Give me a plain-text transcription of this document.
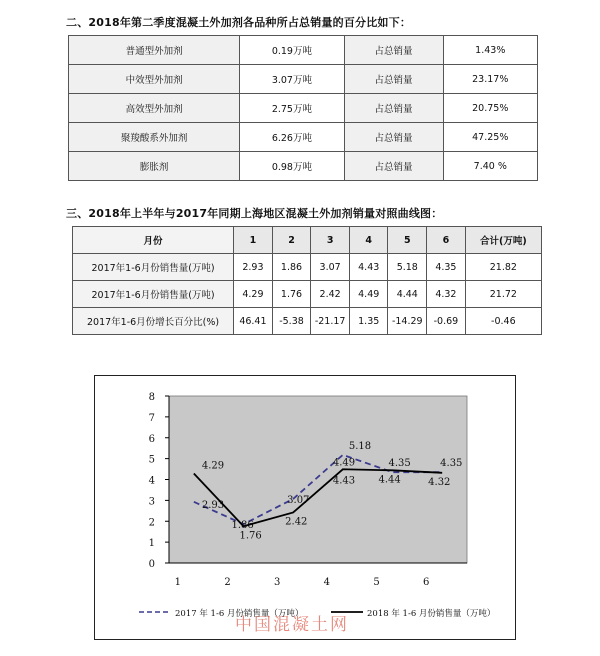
二、2018年第二季度混凝土外加剂各品种所占总销量的百分比如下：
普通型外加剂	0.19万吨	占总销量	1.43%
中效型外加剂	3.07万吨	占总销量	23.17%
高效型外加剂	2.75万吨	占总销量	20.75%
聚羧酸系外加剂	6.26万吨	占总销量	47.25%
膨胀剂	0.98万吨	占总销量	7.40 %
三、2018年上半年与2017年同期上海地区混凝土外加剂销量对照曲线图：
月份	1	2	3	4	5	6	合计(万吨)
2017年1-6月份销售量(万吨)	2.93	1.86	3.07	4.43	5.18	4.35	21.82
2017年1-6月份销售量(万吨)	4.29	1.76	2.42	4.49	4.44	4.32	21.72
2017年1-6月份增长百分比(%)	46.41	-5.38	-21.17	1.35	-14.29	-0.69	-0.46
0
1
2
3
4
5
6
7
8
1	2	3	4	5	6
2.93
1.86
3.07
5.18
4.35	4.35
4.29
1.76
2.42
4.43 4.44	4.32
4.49
2017 年 1-6 月份销售量（万吨）	2018 年 1-6 月份销售量（万吨）
中国混凝土网
